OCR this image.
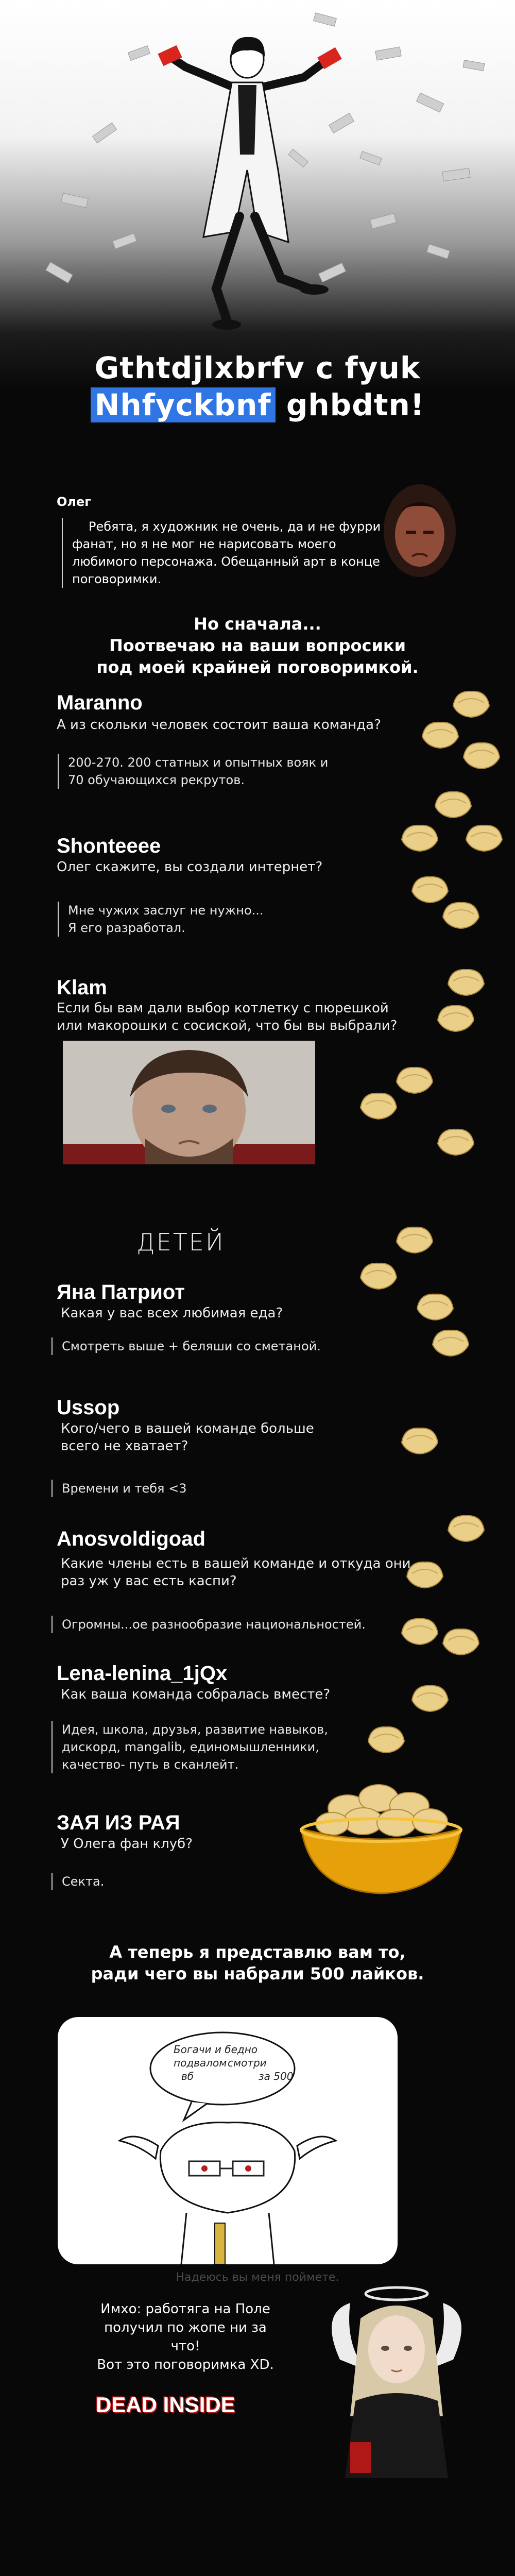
Gthtdjlxbrfv c fyuk
Nhfyckbnf ghbdtn!
Олег
Ребята, я художник не очень, да и не фурри фанат, но я не мог не нарисовать моего любимого персонажа. Обещанный арт в конце поговоримки.
Но сначала...
Поотвечаю на ваши вопросики
под моей крайней поговоримкой.
Maranno
А из скольки человек состоит ваша команда?
200-270. 200 статных и опытных вояк и
70 обучающихся рекрутов.
Shonteeee
Олег скажите, вы создали интернет?
Мне чужих заслуг не нужно...
Я его разработал.
Klam
Если бы вам дали выбор котлетку с пюрешкой
или макорошки с сосиской, что бы вы выбрали?
ДЕТЕЙ
Яна Патриот
Какая у вас всех любимая еда?
Смотреть выше + беляши со сметаной.
Ussop
Кого/чего в вашей команде больше
всего не хватает?
Времени и тебя <3
Anosvoldigoad
Какие члены есть в вашей команде и откуда они
раз уж у вас есть каспи?
Огромны...ое разнообразие национальностей.
Lena-lenina_1jQx
Как ваша команда собралась вместе?
Идея, школа, друзья, развитие навыков,
дискорд, mangalib, единомышленники,
качество- путь в сканлейт.
ЗАЯ ИЗ РАЯ
У Олега фан клуб?
Секта.
А теперь я представлю вам то,
ради чего вы набрали 500 лайков.
Богачи и бедно
подвалом смотри
за 500
вб
Надеюсь вы меня поймете.
Имхо: работяга на Поле
получил по жопе ни за что!
Вот это поговоримка XD.
DEAD INSIDE
